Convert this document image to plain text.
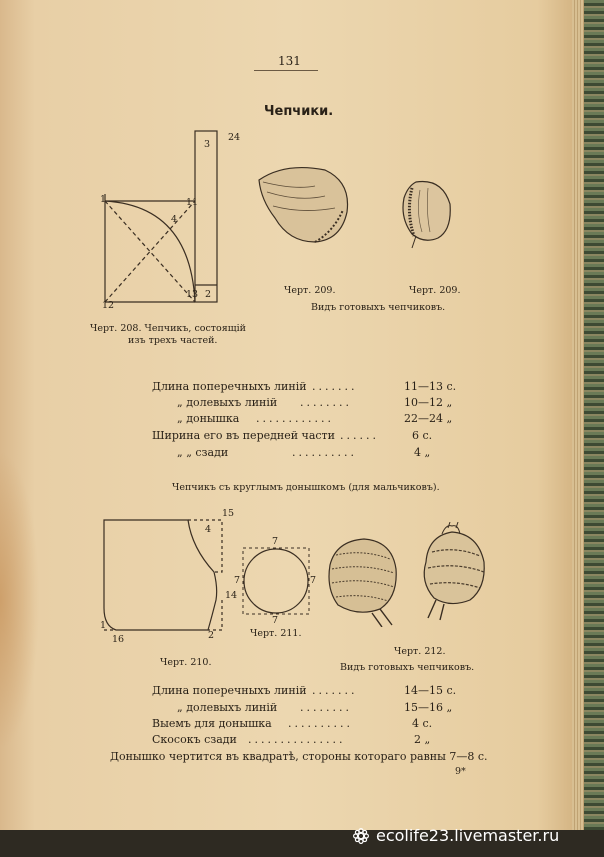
131
Чепчики.
24
3
1	11
4
12
13 2
Черт. 208. Чепчикъ, состоящій
изъ трехъ частей.
Черт. 209.	Черт. 209.
Видъ готовыхъ чепчиковъ.
Длина поперечныхъ линій .......	11—13 с.
„ долевыхъ линій ........	10—12 „
„ донышка ............	22—24 „
Ширина его въ передней части ......	6 с.
„ „ сзади	..........	4 „
Чепчикъ съ круглымъ донышкомъ (для мальчиковъ).
15
4
14
1
16	2
Черт. 210.
7
7	7
7
Черт. 211.
Черт. 212.
Видъ готовыхъ чепчиковъ.
Длина поперечныхъ линій .......	14—15 с.
„ долевыхъ линій ........	15—16 „
Выемъ для донышка ..........	4 с.
Скосокъ сзади ...............	2 „
Донышко чертится въ квадратѣ, стороны котораго равны 7—8 с.
9*
ecolife23.livemaster.ru
